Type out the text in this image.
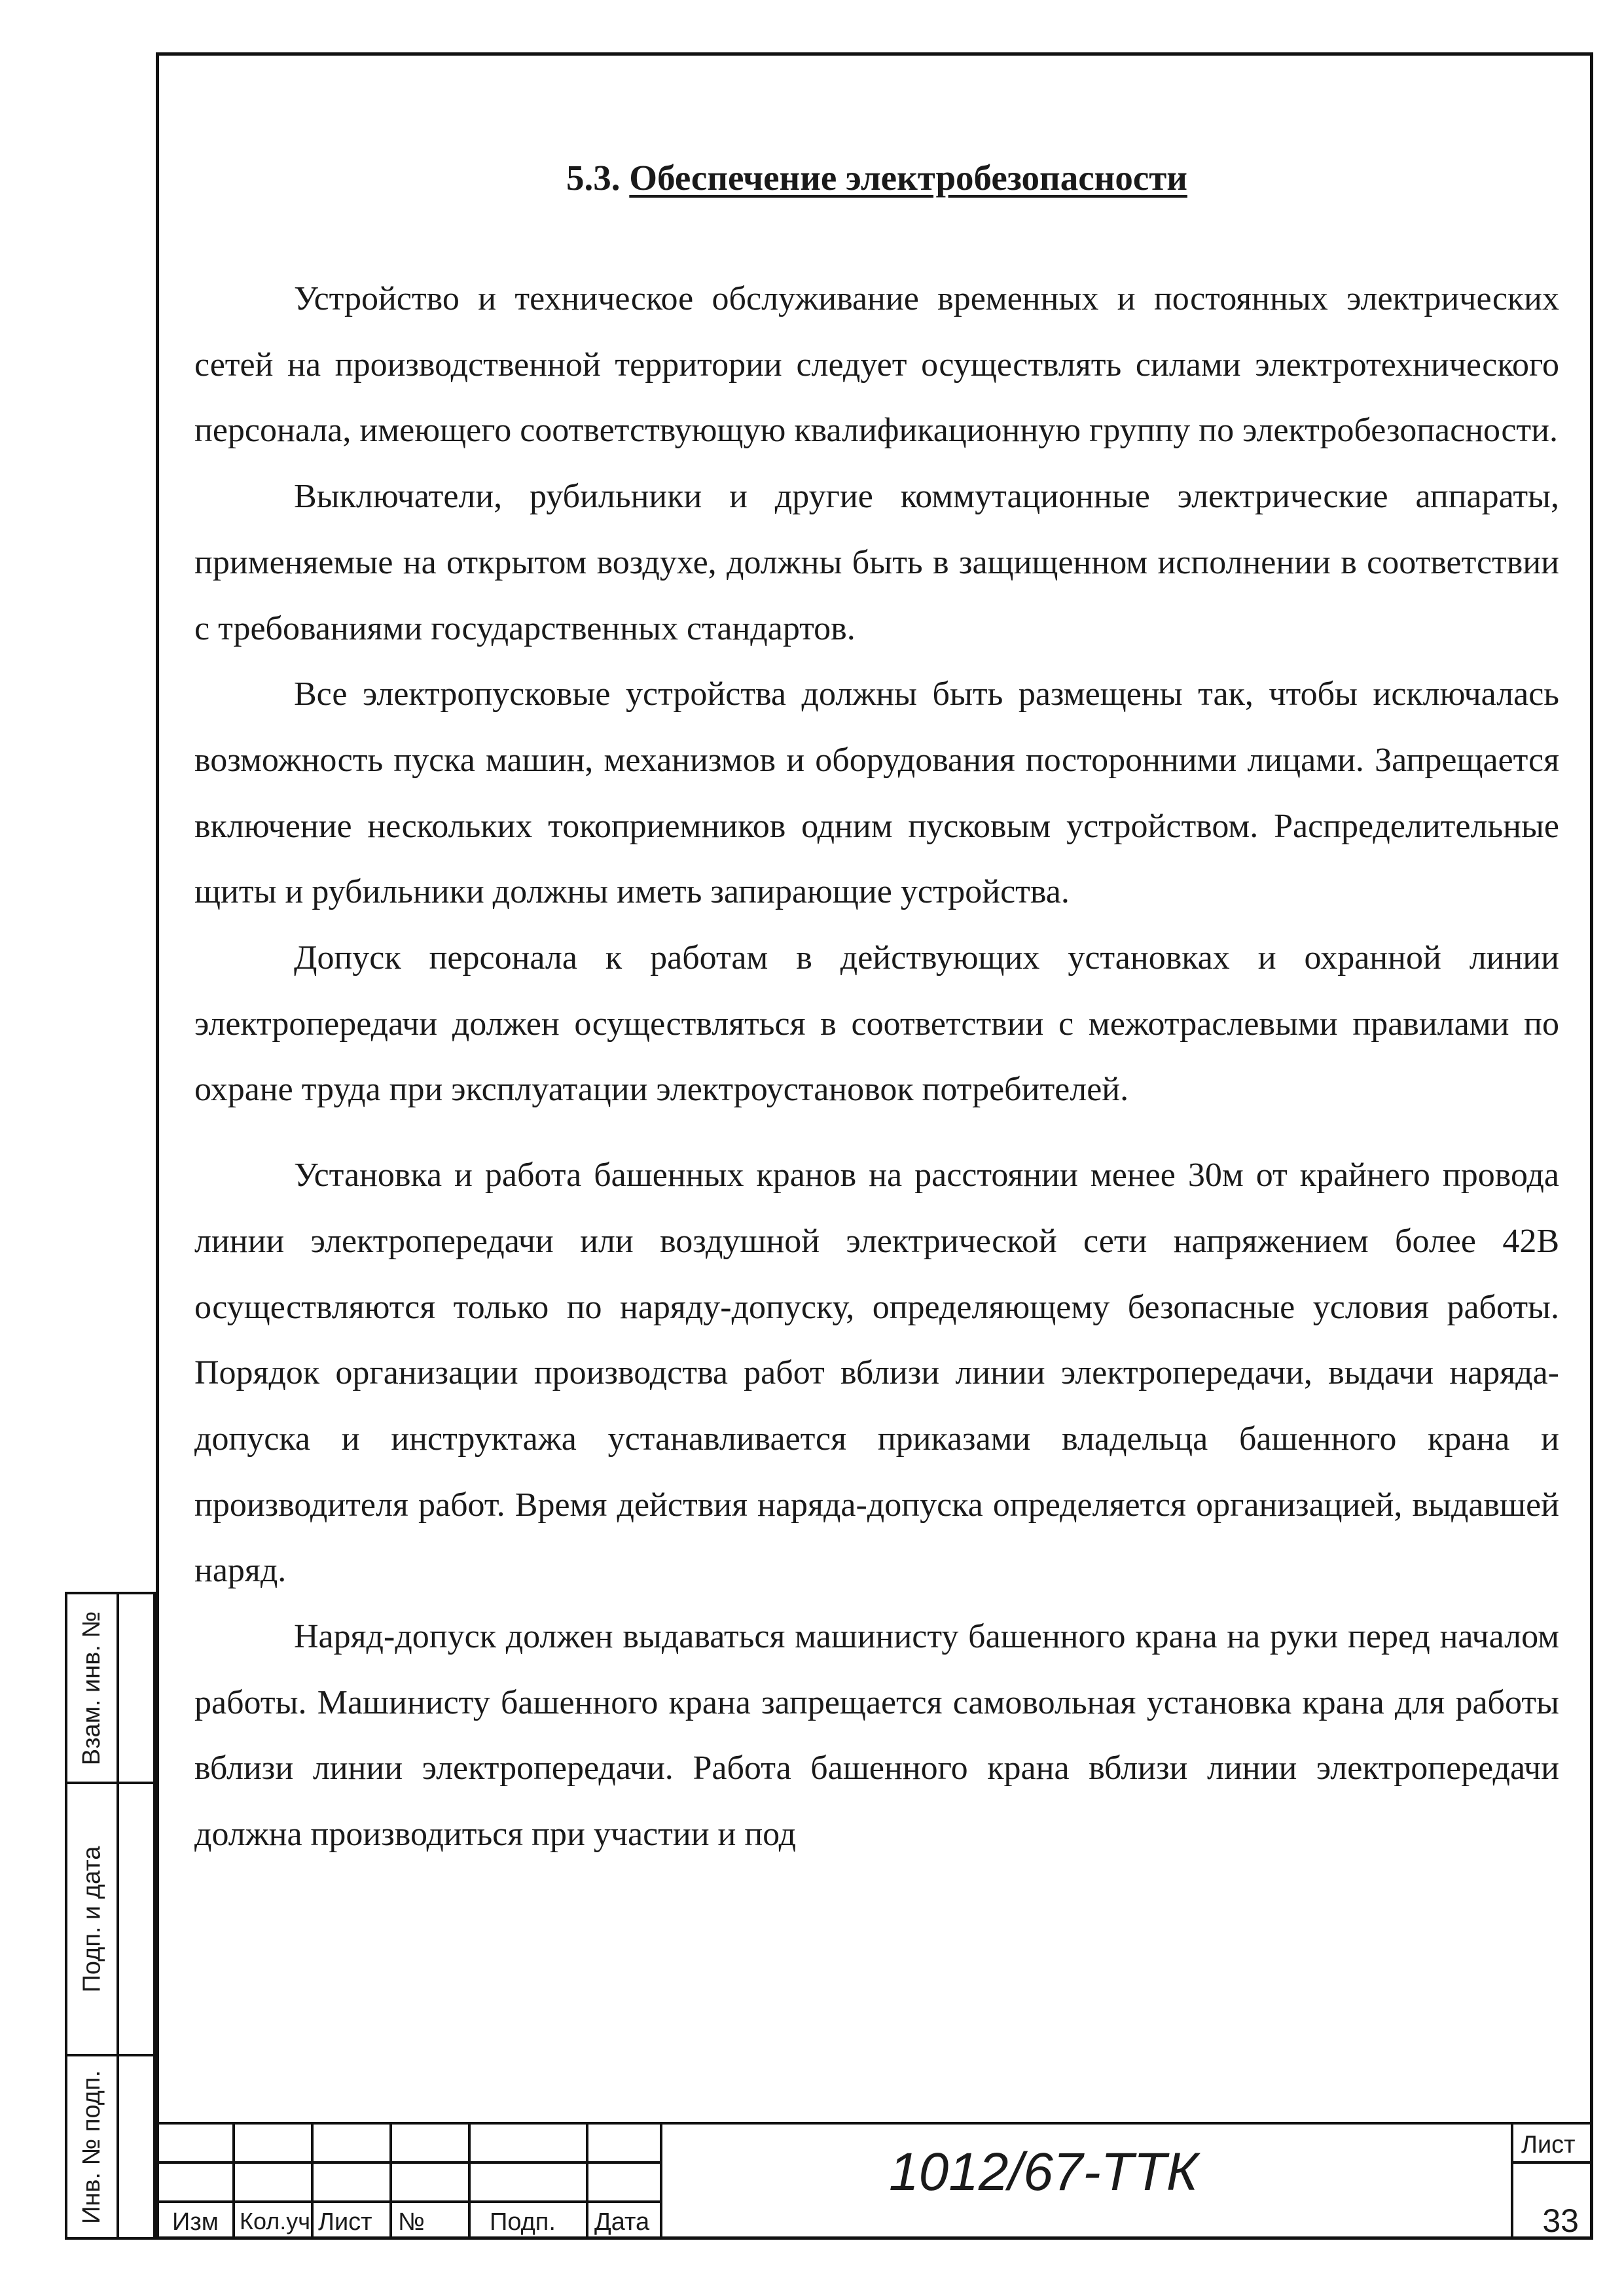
5.3. Обеспечение электробезопасности

Устройство и техническое обслуживание временных и постоянных электрических сетей на производственной территории следует осуществлять силами электротехнического персонала, имеющего соответствующую квалификационную группу по электробезопасности.

Выключатели, рубильники и другие коммутационные электрические аппараты, применяемые на открытом воздухе, должны быть в защищенном исполнении в соответствии с требованиями государственных стандартов.

Все электропусковые устройства должны быть размещены так, чтобы исключалась возможность пуска машин, механизмов и оборудования посторонними лицами. Запрещается включение нескольких токоприемников одним пусковым устройством. Распределительные щиты и рубильники должны иметь запирающие устройства.

Допуск персонала к работам в действующих установках и охранной линии электропередачи должен осуществляться в соответствии с межотраслевыми правилами по охране труда при эксплуатации электроустановок потребителей.

Установка и работа башенных кранов на расстоянии менее 30м от крайнего провода линии электропередачи или воздушной электрической сети напряжением более 42В осуществляются только по наряду-допуску, определяющему безопасные условия работы. Порядок организации производства работ вблизи линии электропередачи, выдачи наряда-допуска и инструктажа устанавливается приказами владельца башенного крана и производителя работ. Время действия наряда-допуска определяется организацией, выдавшей наряд.

Наряд-допуск должен выдаваться машинисту башенного крана на руки перед началом работы. Машинисту башенного крана запрещается самовольная установка крана для работы вблизи линии электропередачи. Работа башенного крана вблизи линии электропередачи должна производиться при участии и под

Взам. инв. №
Подп. и дата
Инв. № подп.	Изм Кол.уч Лист №	Подп. Дата
1012/67-ТТК	Лист
33
